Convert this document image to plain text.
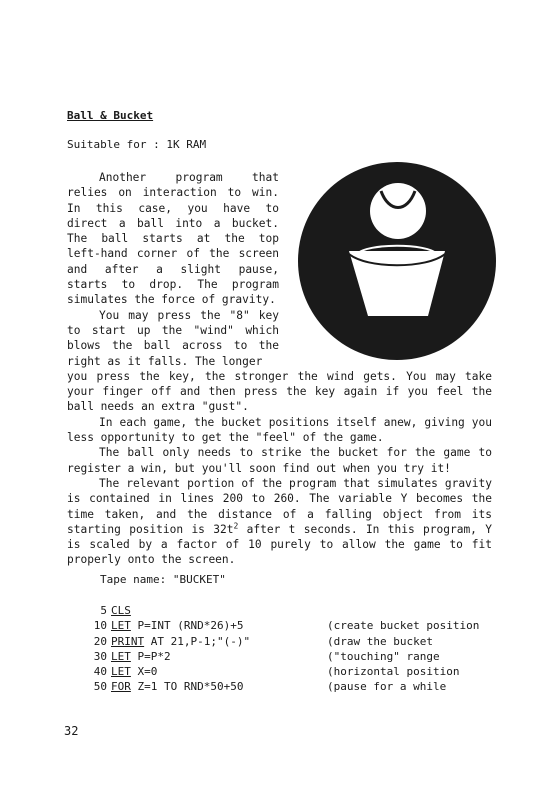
Ball & Bucket
Suitable for : 1K RAM

Another program that relies on interaction to win. In this case, you have to direct a ball into a bucket. The ball starts at the top left-hand corner of the screen and after a slight pause, starts to drop. The program simulates the force of gravity.

You may press the "8" key to start up the "wind" which blows the ball across to the right as it falls. The longer

you press the key, the stronger the wind gets. You may take your finger off and then press the key again if you feel the ball needs an extra "gust".

In each game, the bucket positions itself anew, giving you less opportunity to get the "feel" of the game.

The ball only needs to strike the bucket for the game to register a win, but you'll soon find out when you try it!

The relevant portion of the program that simulates gravity is contained in lines 200 to 260. The variable Y becomes the time taken, and the distance of a falling object from its starting position is $32t^2$ after t seconds. In this program, Y is scaled by a factor of 10 purely to allow the game to fit properly onto the screen.

Tape name: "BUCKET"
5 CLS
10 LET P=INT (RND*26)+5	(create bucket position
20 PRINT AT 21,P-1;"(-)"	(draw the bucket
30 LET P=P*2	("touching" range
40 LET X=0	(horizontal position
50 FOR Z=1 TO RND*50+50	(pause for a while
32
